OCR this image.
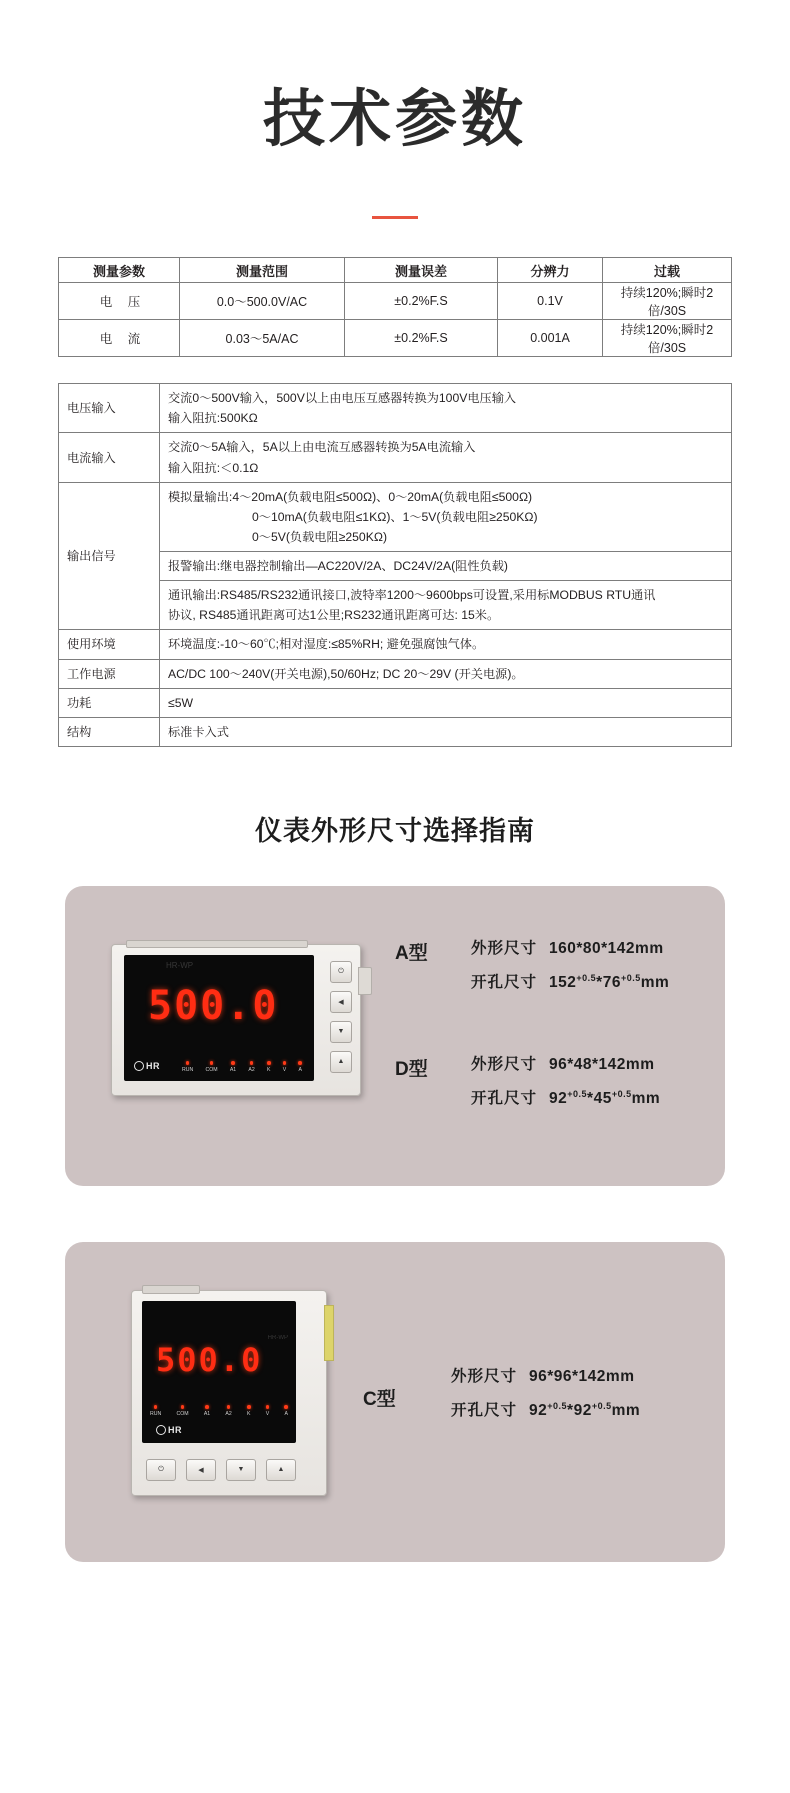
技术参数
测量参数	测量范围	测量误差	分辨力	过载
电 压	0.0～500.0V/AC	±0.2%F.S	0.1V	持续120%;瞬时2倍/30S
电 流	0.03～5A/AC	±0.2%F.S	0.001A	持续120%;瞬时2倍/30S
电压输入	交流0～500V输入，500V以上由电压互感器转换为100V电压输入
输入阻抗:500KΩ

电流输入	交流0～5A输入，5A以上由电流互感器转换为5A电流输入
输入阻抗:＜0.1Ω

输出信号	模拟量输出:4～20mA(负载电阻≤500Ω)、0～20mA(负载电阻≤500Ω)
0～10mA(负载电阻≤1KΩ)、1～5V(负载电阻≥250KΩ)
0～5V(负载电阻≥250KΩ)

	报警输出:继电器控制输出—AC220V/2A、DC24V/2A(阻性负载)

	通讯输出:RS485/RS232通讯接口,波特率1200～9600bps可设置,采用标MODBUS RTU通讯
协议, RS485通讯距离可达1公里;RS232通讯距离可达: 15米。

使用环境	环境温度:-10～60℃;相对湿度:≤85%RH; 避免强腐蚀气体。
工作电源	AC/DC 100～240V(开关电源),50/60Hz; DC 20～29V (开关电源)。
功耗	≤5W
结构	标准卡入式
仪表外形尺寸选择指南
HR-WP
500.0
HR	RUN COM A1 A2 K V A
⏻
◀
▼
▲
A型	外形尺寸 160*80*142mm
开孔尺寸 $152^{+0.5}*76^{+0.5}mm$
D型	外形尺寸 96*48*142mm
开孔尺寸 $92^{+0.5}*45^{+0.5}mm$
HR-WP
500.0
HR
RUN	COM	A1	A2	K	V	A
⏻	◀	▼	▲
C型
外形尺寸 96*96*142mm
开孔尺寸 $92^{+0.5}*92^{+0.5}mm$
